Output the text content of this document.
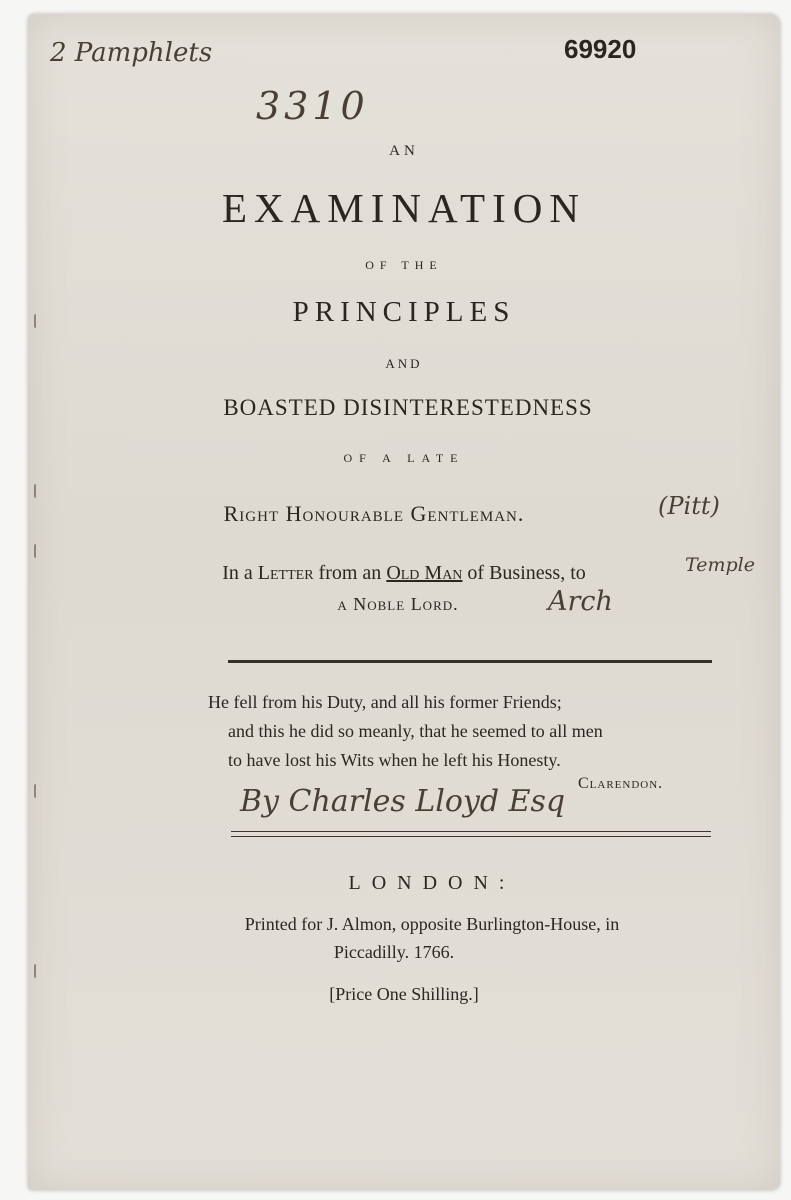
2 Pamphlets
3310
69920
AN
EXAMINATION
OF THE
PRINCIPLES
AND
BOASTED DISINTERESTEDNESS
OF A LATE
Right Honourable Gentleman.	(Pitt)
In a Letter from an Old Man of Business, to	Temple
a Noble Lord.	Arch
He fell from his Duty, and all his former Friends;
and this he did so meanly, that he seemed to all men
to have lost his Wits when he left his Honesty.
Clarendon.
By Charles Lloyd Esq
LONDON:
Printed for J. Almon, opposite Burlington-House, in
Piccadilly. 1766.
[Price One Shilling.]
